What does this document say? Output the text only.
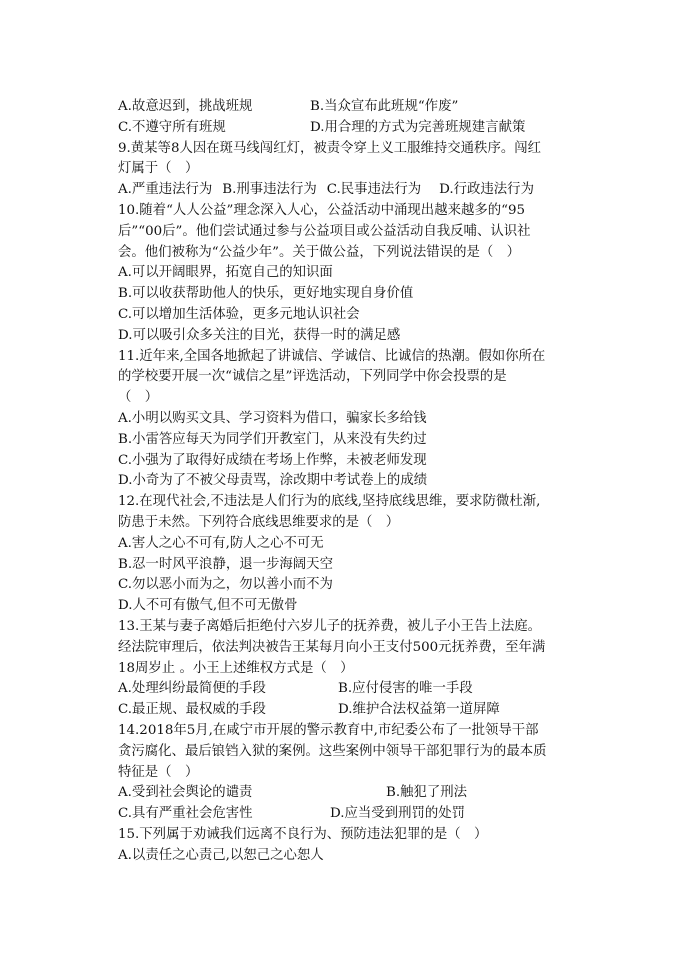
A.故意迟到，挑战班规	B.当众宣布此班规“作废”
C.不遵守所有班规	D.用合理的方式为完善班规建言献策
9.黄某等8人因在斑马线闯红灯，被责令穿上义工服维持交通秩序。闯红
灯属于（　）
A.严重违法行为 B.刑事违法行为 C.民事违法行为 D.行政违法行为
10.随着“人人公益”理念深入人心，公益活动中涌现出越来越多的“95
后”“00后”。他们尝试通过参与公益项目或公益活动自我反哺、认识社
会。他们被称为“公益少年”。关于做公益，下列说法错误的是（　）
A.可以开阔眼界，拓宽自己的知识面
B.可以收获帮助他人的快乐，更好地实现自身价值
C.可以增加生活体验，更多元地认识社会
D.可以吸引众多关注的目光，获得一时的满足感
11.近年来,全国各地掀起了讲诚信、学诚信、比诚信的热潮。假如你所在
的学校要开展一次“诚信之星”评选活动，下列同学中你会投票的是
（　）
A.小明以购买文具、学习资料为借口，骗家长多给钱
B.小雷答应每天为同学们开教室门，从来没有失约过
C.小强为了取得好成绩在考场上作弊，未被老师发现
D.小奇为了不被父母责骂，涂改期中考试卷上的成绩
12.在现代社会,不违法是人们行为的底线,坚持底线思维，要求防微杜渐,
防患于未然。下列符合底线思维要求的是（　）
A.害人之心不可有,防人之心不可无
B.忍一时风平浪静，退一步海阔天空
C.勿以恶小而为之，勿以善小而不为
D.人不可有傲气,但不可无傲骨
13.王某与妻子离婚后拒绝付六岁儿子的抚养费，被儿子小王告上法庭。
经法院审理后，依法判决被告王某每月向小王支付500元抚养费，至年满
18周岁止 。小王上述维权方式是（　）
A.处理纠纷最简便的手段	B.应付侵害的唯一手段
C.最正规、最权威的手段	D.维护合法权益第一道屏障
14.2018年5月,在咸宁市开展的警示教育中,市纪委公布了一批领导干部
贪污腐化、最后锒铛入狱的案例。这些案例中领导干部犯罪行为的最本质
特征是（　）
A.受到社会舆论的谴责	B.触犯了刑法
C.具有严重社会危害性	D.应当受到刑罚的处罚
15.下列属于劝诫我们远离不良行为、预防违法犯罪的是（　）
A.以责任之心责己,以恕己之心恕人
